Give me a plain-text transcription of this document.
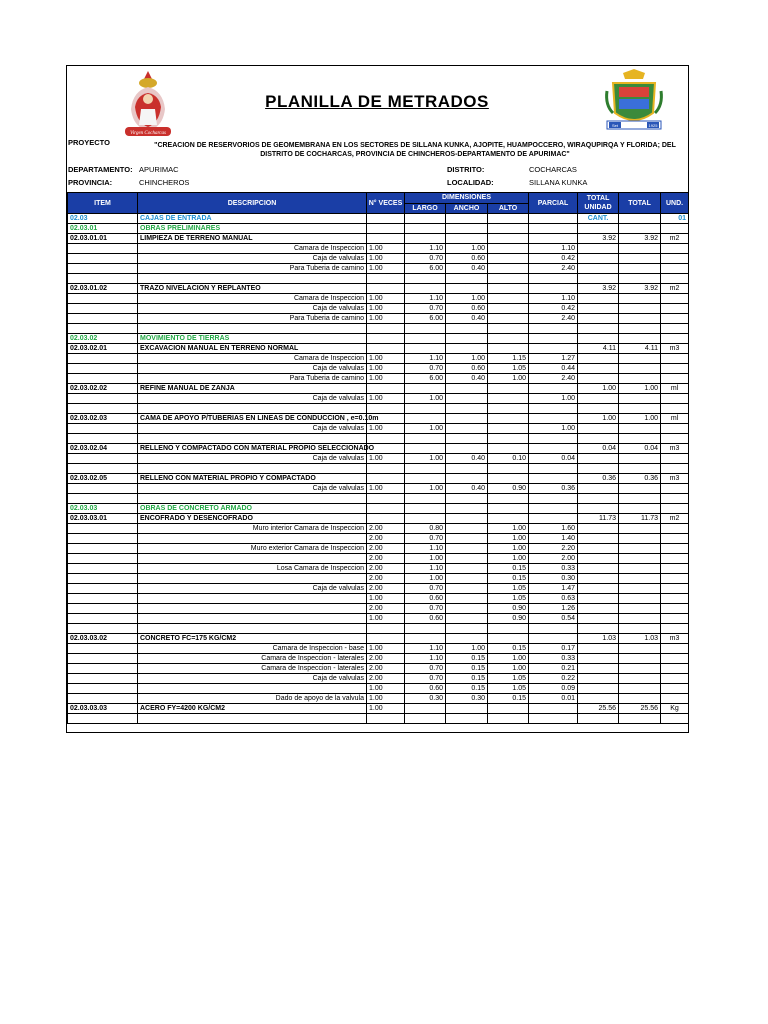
Virgen Cocharcas
PLANILLA DE METRADOS
Set	1925
PROYECTO	"CREACION DE RESERVORIOS DE GEOMEMBRANA EN LOS SECTORES DE SILLANA KUNKA, AJOPITE, HUAMPOCCERO, WIRAQUPIRQA Y FLORIDA; DEL DISTRITO DE COCHARCAS, PROVINCIA DE CHINCHEROS-DEPARTAMENTO DE APURIMAC"
DEPARTAMENTO: APURIMAC	DISTRITO:	COCHARCAS
PROVINCIA:	CHINCHEROS	LOCALIDAD:	SILLANA KUNKA
ITEM	DESCRIPCION	N° VECES	DIMENSIONES			PARCIAL	TOTAL UNIDAD	TOTAL	UND.
			LARGO	ANCHO	ALTO				
02.03	CAJAS DE ENTRADA						CANT.		01
02.03.01	OBRAS PRELIMINARES								
02.03.01.01	LIMPIEZA DE TERRENO MANUAL						3.92	3.92	m2
	Camara de Inspeccion	1.00	1.10	1.00		1.10			
	Caja de valvulas	1.00	0.70	0.60		0.42			
	Para Tuberia de camino	1.00	6.00	0.40		2.40			

02.03.01.02	TRAZO NIVELACION Y REPLANTEO						3.92	3.92	m2
	Camara de Inspeccion	1.00	1.10	1.00		1.10			
	Caja de valvulas	1.00	0.70	0.60		0.42			
	Para Tuberia de camino	1.00	6.00	0.40		2.40			

02.03.02	MOVIMIENTO DE TIERRAS								
02.03.02.01	EXCAVACION MANUAL EN TERRENO NORMAL						4.11	4.11	m3
	Camara de Inspeccion	1.00	1.10	1.00	1.15	1.27			
	Caja de valvulas	1.00	0.70	0.60	1.05	0.44			
	Para Tuberia de camino	1.00	6.00	0.40	1.00	2.40			
02.03.02.02	REFINE MANUAL DE ZANJA						1.00	1.00	ml
	Caja de valvulas	1.00	1.00			1.00			

02.03.02.03	CAMA DE APOYO P/TUBERIAS EN LINEAS DE CONDUCCION , e=0.10m						1.00	1.00	ml
	Caja de valvulas	1.00	1.00			1.00			

02.03.02.04	RELLENO Y COMPACTADO CON MATERIAL PROPIO SELECCIONADO						0.04	0.04	m3
	Caja de valvulas	1.00	1.00	0.40	0.10	0.04			

02.03.02.05	RELLENO CON MATERIAL PROPIO Y COMPACTADO						0.36	0.36	m3
	Caja de valvulas	1.00	1.00	0.40	0.90	0.36			

02.03.03	OBRAS DE CONCRETO ARMADO								
02.03.03.01	ENCOFRADO Y DESENCOFRADO						11.73	11.73	m2
	Muro interior Camara de Inspeccion	2.00	0.80		1.00	1.60			
		2.00	0.70		1.00	1.40			
	Muro exterior Camara de Inspeccion	2.00	1.10		1.00	2.20			
		2.00	1.00		1.00	2.00			
	Losa Camara de Inspeccion	2.00	1.10		0.15	0.33			
		2.00	1.00		0.15	0.30			
	Caja de valvulas	2.00	0.70		1.05	1.47			
		1.00	0.60		1.05	0.63			
		2.00	0.70		0.90	1.26			
		1.00	0.60		0.90	0.54			

02.03.03.02	CONCRETO FC=175 KG/CM2						1.03	1.03	m3
	Camara de Inspeccion - base	1.00	1.10	1.00	0.15	0.17			
	Camara de Inspeccion - laterales	2.00	1.10	0.15	1.00	0.33			
	Camara de Inspeccion - laterales	2.00	0.70	0.15	1.00	0.21			
	Caja de valvulas	2.00	0.70	0.15	1.05	0.22			
		1.00	0.60	0.15	1.05	0.09			
	Dado de apoyo de la valvula	1.00	0.30	0.30	0.15	0.01			
02.03.03.03	ACERO FY=4200 KG/CM2	1.00					25.56	25.56	Kg
